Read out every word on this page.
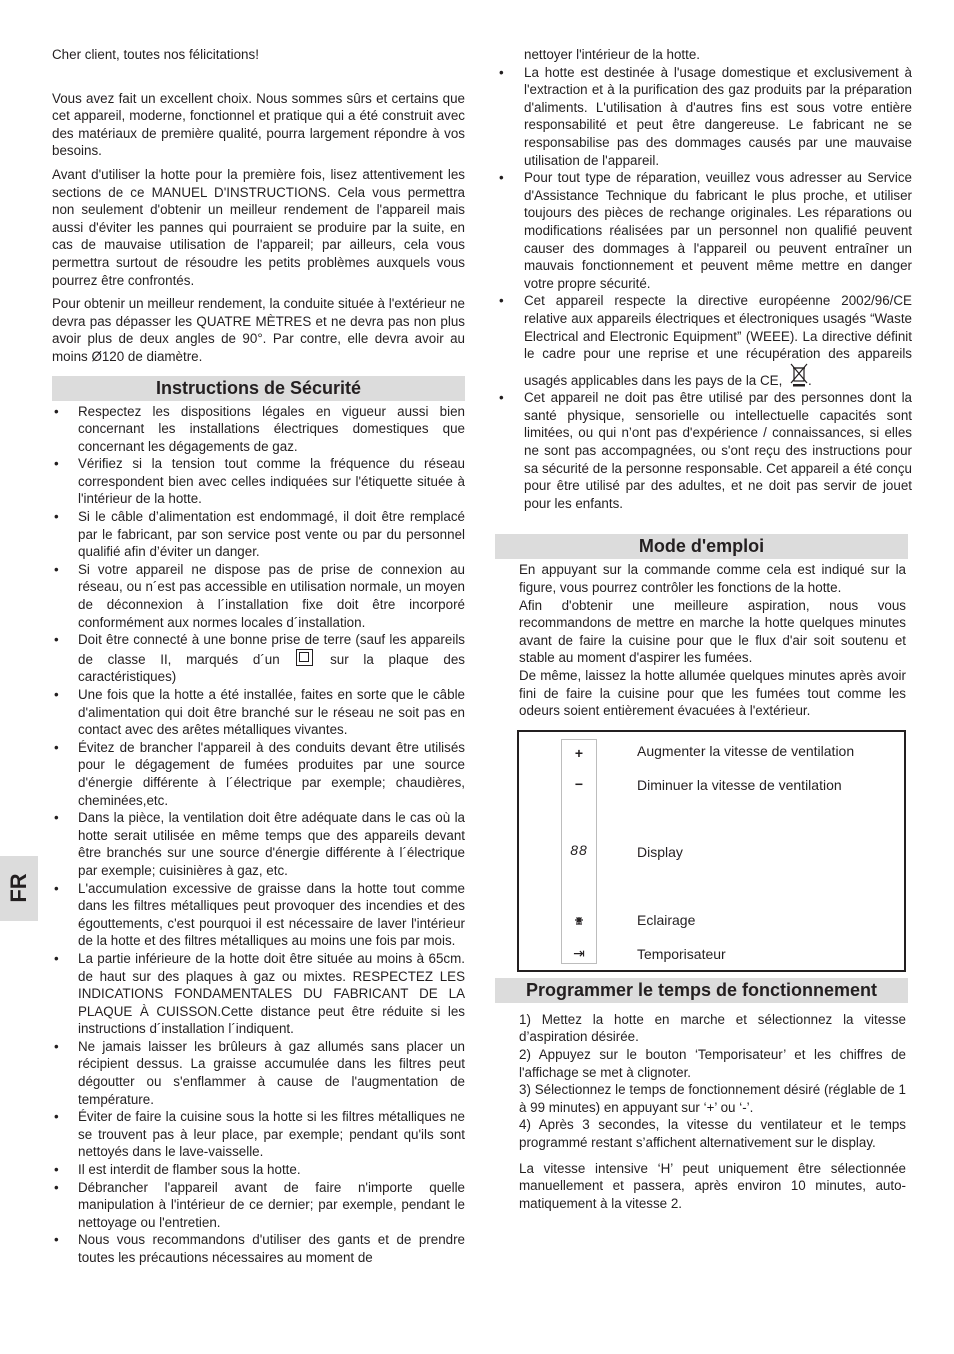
FR

Cher client, toutes nos félicitations!

Vous avez fait un excellent choix. Nous sommes sûrs et certains que cet appareil, moderne, fonctionnel et pratique qui a été construit avec des matériaux de première qualité, pourra largement répondre à vos besoins.

Avant d'utiliser la hotte pour la première fois, lisez attentivement les sections de ce MANUEL D'INSTRUCTIONS. Cela vous permettra non seulement d'obtenir un meilleur rendement de l'appareil mais aussi d'éviter les pannes qui pourraient se produire par la suite, en cas de mauvaise utilisation de l'appareil; par ailleurs, cela vous permettra surtout de résoudre les petits problèmes auxquels vous pourrez être confrontés.

Pour obtenir un meilleur rendement, la conduite située à l'extérieur ne devra pas dépasser les QUATRE MÈTRES et ne devra pas non plus avoir plus de deux angles de 90°. Par contre, elle devra avoir au moins Ø120 de diamètre.

Instructions de Sécurité
• Respectez les dispositions légales en vigueur aussi bien concernant les installations électriques domestiques que concernant les dégagements de gaz.
• Vérifiez si la tension tout comme la fréquence du réseau correspondent bien avec celles indiquées sur l'étiquette située à l'intérieur de la hotte.
• Si le câble d’alimentation est endommagé, il doit être remplacé par le fabricant, par son service post vente ou par du personnel qualifié afin d’éviter un danger.
• Si votre appareil ne dispose pas de prise de connexion au réseau, ou n´est pas accessible en utilisation normale, un moyen de déconnexion à l´installation fixe doit être incorporé conformément aux normes locales d´installation.
• Doit être connecté à une bonne prise de terre (sauf les appareils de classe II, marqués d´un	sur la plaque des caractéristiques)
• Une fois que la hotte a été installée, faites en sorte que le câble d'alimentation qui doit être branché sur le réseau ne soit pas en contact avec des arêtes métalliques vivantes.
• Évitez de brancher l'appareil à des conduits devant être utilisés pour le dégagement de fumées produites par une source d'énergie différente à l´électrique par exemple; chaudières, cheminées,etc.
• Dans la pièce, la ventilation doit être adéquate dans le cas où la hotte serait utilisée en même temps que des appareils devant être branchés sur une source d'énergie différente à l´électrique par exemple; cuisinières à gaz, etc.
• L'accumulation excessive de graisse dans la hotte tout comme dans les filtres métalliques peut provoquer des incendies et des égouttements, c'est pourquoi il est nécessaire de laver l'intérieur de la hotte et des filtres métalliques au moins une fois par mois.
• La partie inférieure de la hotte doit être située au moins à 65cm. de haut sur des plaques à gaz ou mixtes. RESPECTEZ LES INDICATIONS FONDAMENTALES DU FABRICANT DE LA PLAQUE À CUISSON.Cette distance peut être réduite si les instructions d´installation l´indiquent.
• Ne jamais laisser les brûleurs à gaz allumés sans placer un récipient dessus. La graisse accumulée dans les filtres peut dégoutter ou s'enflammer à cause de l'augmentation de température.
• Éviter de faire la cuisine sous la hotte si les filtres métalliques ne se trouvent pas à leur place, par exemple; pendant qu'ils sont nettoyés dans le lave-vaisselle.
• Il est interdit de flamber sous la hotte.
• Débrancher l'appareil avant de faire n'importe quelle manipulation à l'intérieur de ce dernier; par exemple, pendant le nettoyage ou l'entretien.
• Nous vous recommandons d'utiliser des gants et de prendre toutes les précautions nécessaires au moment de

nettoyer l'intérieur de la hotte.

• La hotte est destinée à l'usage domestique et exclusivement à l'extraction et à la purification des gaz produits par la préparation d'aliments. L'utilisation à d'autres fins est sous votre entière responsabilité et peut être dangereuse. Le fabricant ne se responsabilise pas des dommages causés par une mauvaise utilisation de l'appareil.
• Pour tout type de réparation, veuillez vous adresser au Service d'Assistance Technique du fabricant le plus proche, et utiliser toujours des pièces de rechange originales. Les réparations ou modifications réalisées par un personnel non qualifié peuvent causer des dommages à l'appareil ou peuvent entraîner un mauvais fonctionnement et peuvent même mettre en danger votre propre sécurité.
• Cet appareil respecte la directive européenne 2002/96/CE relative aux appareils électriques et électroniques usagés “Waste Electrical and Electronic Equipment” (WEEE). La directive définit le cadre pour une reprise et une récupération des appareils usagés applicables dans les pays de la CE, .
• Cet appareil ne doit pas être utilisé par des personnes dont la santé physique, sensorielle ou intellectuelle capacités sont limitées, ou qui n’ont pas d'expérience / connaissances, si elles ne sont pas accompagnées, ou s'ont reçu des instructions pour sa sécurité de la personne responsable. Cet appareil a été conçu pour être utilisé par des adultes, et ne doit pas servir de jouet pour les enfants.
Mode d'emploi

En appuyant sur la commande comme cela est indiqué sur la figure, vous pourrez contrôler les fonctions de la hotte.

Afin d'obtenir une meilleure aspiration, nous vous recommandons de mettre en marche la hotte quelques minutes avant de faire la cuisine pour que le flux d'air soit soutenu et stable au moment d'aspirer les fumées.

De même, laissez la hotte allumée quelques minutes après avoir fini de faire la cuisine pour que les fumées tout comme les odeurs soient entièrement évacuées à l'extérieur.

+
−
88
⇥
Augmenter la vitesse de ventilation
Diminuer la vitesse de ventilation
Display
Eclairage
Temporisateur
Programmer le temps de fonctionnement

1) Mettez la hotte en marche et sélectionnez la vitesse d’aspiration désirée.

2) Appuyez sur le bouton ‘Temporisateur’ et les chiffres de l'affichage se met à clignoter.

3) Sélectionnez le temps de fonctionnement désiré (réglable de 1 à 99 minutes) en appuyant sur ‘+’ ou ‘-’.

4) Après 3 secondes, la vitesse du ventilateur et le temps programmé restant s’affichent alternativement sur le display.

La vitesse intensive ‘H’ peut uniquement être sélectionnée manuellement et passera, après environ 10 minutes, auto-matiquement à la vitesse 2.
